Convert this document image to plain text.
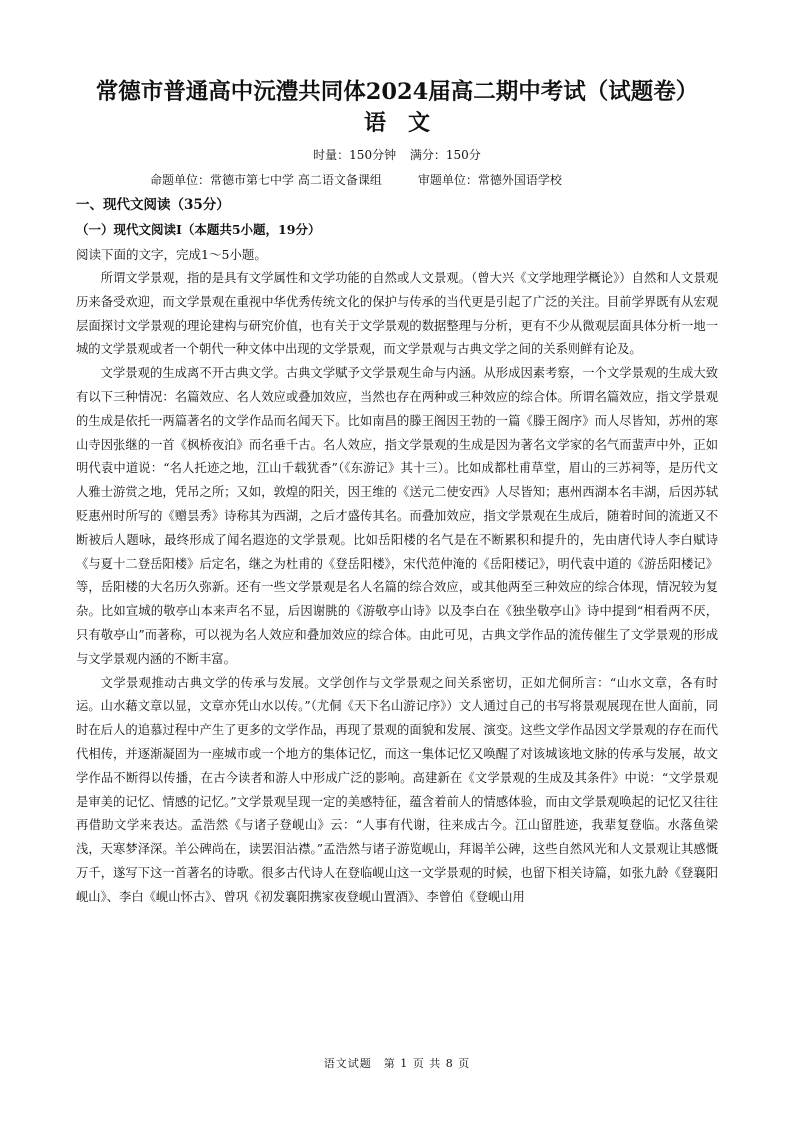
常德市普通高中沅澧共同体2024届高二期中考试（试题卷）
语　文
时量：150分钟 满分：150分
命题单位：常德市第七中学 高二语文备课组	审题单位：常德外国语学校
一、现代文阅读（35分）
（一）现代文阅读Ⅰ（本题共5小题，19分）
阅读下面的文字，完成1～5小题。

所谓文学景观，指的是具有文学属性和文学功能的自然或人文景观。（曾大兴《文学地理学概论》）自然和人文景观历来备受欢迎，而文学景观在重视中华优秀传统文化的保护与传承的当代更是引起了广泛的关注。目前学界既有从宏观层面探讨文学景观的理论建构与研究价值，也有关于文学景观的数据整理与分析，更有不少从微观层面具体分析一地一城的文学景观或者一个朝代一种文体中出现的文学景观，而文学景观与古典文学之间的关系则鲜有论及。

文学景观的生成离不开古典文学。古典文学赋予文学景观生命与内涵。从形成因素考察，一个文学景观的生成大致有以下三种情况：名篇效应、名人效应或叠加效应，当然也存在两种或三种效应的综合体。所谓名篇效应，指文学景观的生成是依托一两篇著名的文学作品而名闻天下。比如南昌的滕王阁因王勃的一篇《滕王阁序》而人尽皆知，苏州的寒山寺因张继的一首《枫桥夜泊》而名垂千古。名人效应，指文学景观的生成是因为著名文学家的名气而蜚声中外，正如明代袁中道说：“名人托迹之地，江山千载犹香”（《东游记》其十三）。比如成都杜甫草堂，眉山的三苏祠等，是历代文人雅士游赏之地，凭吊之所；又如，敦煌的阳关，因王维的《送元二使安西》人尽皆知；惠州西湖本名丰湖，后因苏轼贬惠州时所写的《赠昙秀》诗称其为西湖，之后才盛传其名。而叠加效应，指文学景观在生成后，随着时间的流逝又不断被后人题咏，最终形成了闻名遐迩的文学景观。比如岳阳楼的名气是在不断累积和提升的，先由唐代诗人李白赋诗《与夏十二登岳阳楼》后定名，继之为杜甫的《登岳阳楼》，宋代范仲淹的《岳阳楼记》，明代袁中道的《游岳阳楼记》等，岳阳楼的大名历久弥新。还有一些文学景观是名人名篇的综合效应，或其他两至三种效应的综合体现，情况较为复杂。比如宣城的敬亭山本来声名不显，后因谢朓的《游敬亭山诗》以及李白在《独坐敬亭山》诗中提到“相看两不厌，只有敬亭山”而著称，可以视为名人效应和叠加效应的综合体。由此可见，古典文学作品的流传催生了文学景观的形成与文学景观内涵的不断丰富。

文学景观推动古典文学的传承与发展。文学创作与文学景观之间关系密切，正如尤侗所言：“山水文章，各有时运。山水藉文章以显，文章亦凭山水以传。”（尤侗《天下名山游记序》）文人通过自己的书写将景观展现在世人面前，同时在后人的追慕过程中产生了更多的文学作品，再现了景观的面貌和发展、演变。这些文学作品因文学景观的存在而代代相传，并逐渐凝固为一座城市或一个地方的集体记忆，而这一集体记忆又唤醒了对该城该地文脉的传承与发展，故文学作品不断得以传播，在古今读者和游人中形成广泛的影响。高建新在《文学景观的生成及其条件》中说：“文学景观是审美的记忆、情感的记忆。”文学景观呈现一定的美感特征，蕴含着前人的情感体验，而由文学景观唤起的记忆又往往再借助文学来表达。孟浩然《与诸子登岘山》云：“人事有代谢，往来成古今。江山留胜迹，我辈复登临。水落鱼梁浅，天寒梦泽深。羊公碑尚在，读罢泪沾襟。”孟浩然与诸子游览岘山，拜谒羊公碑，这些自然风光和人文景观让其感慨万千，遂写下这一首著名的诗歌。很多古代诗人在登临岘山这一文学景观的时候，也留下相关诗篇，如张九龄《登襄阳岘山》、李白《岘山怀古》、曾巩《初发襄阳携家夜登岘山置酒》、李曾伯《登岘山用

语文试题　第 1 页 共 8 页
